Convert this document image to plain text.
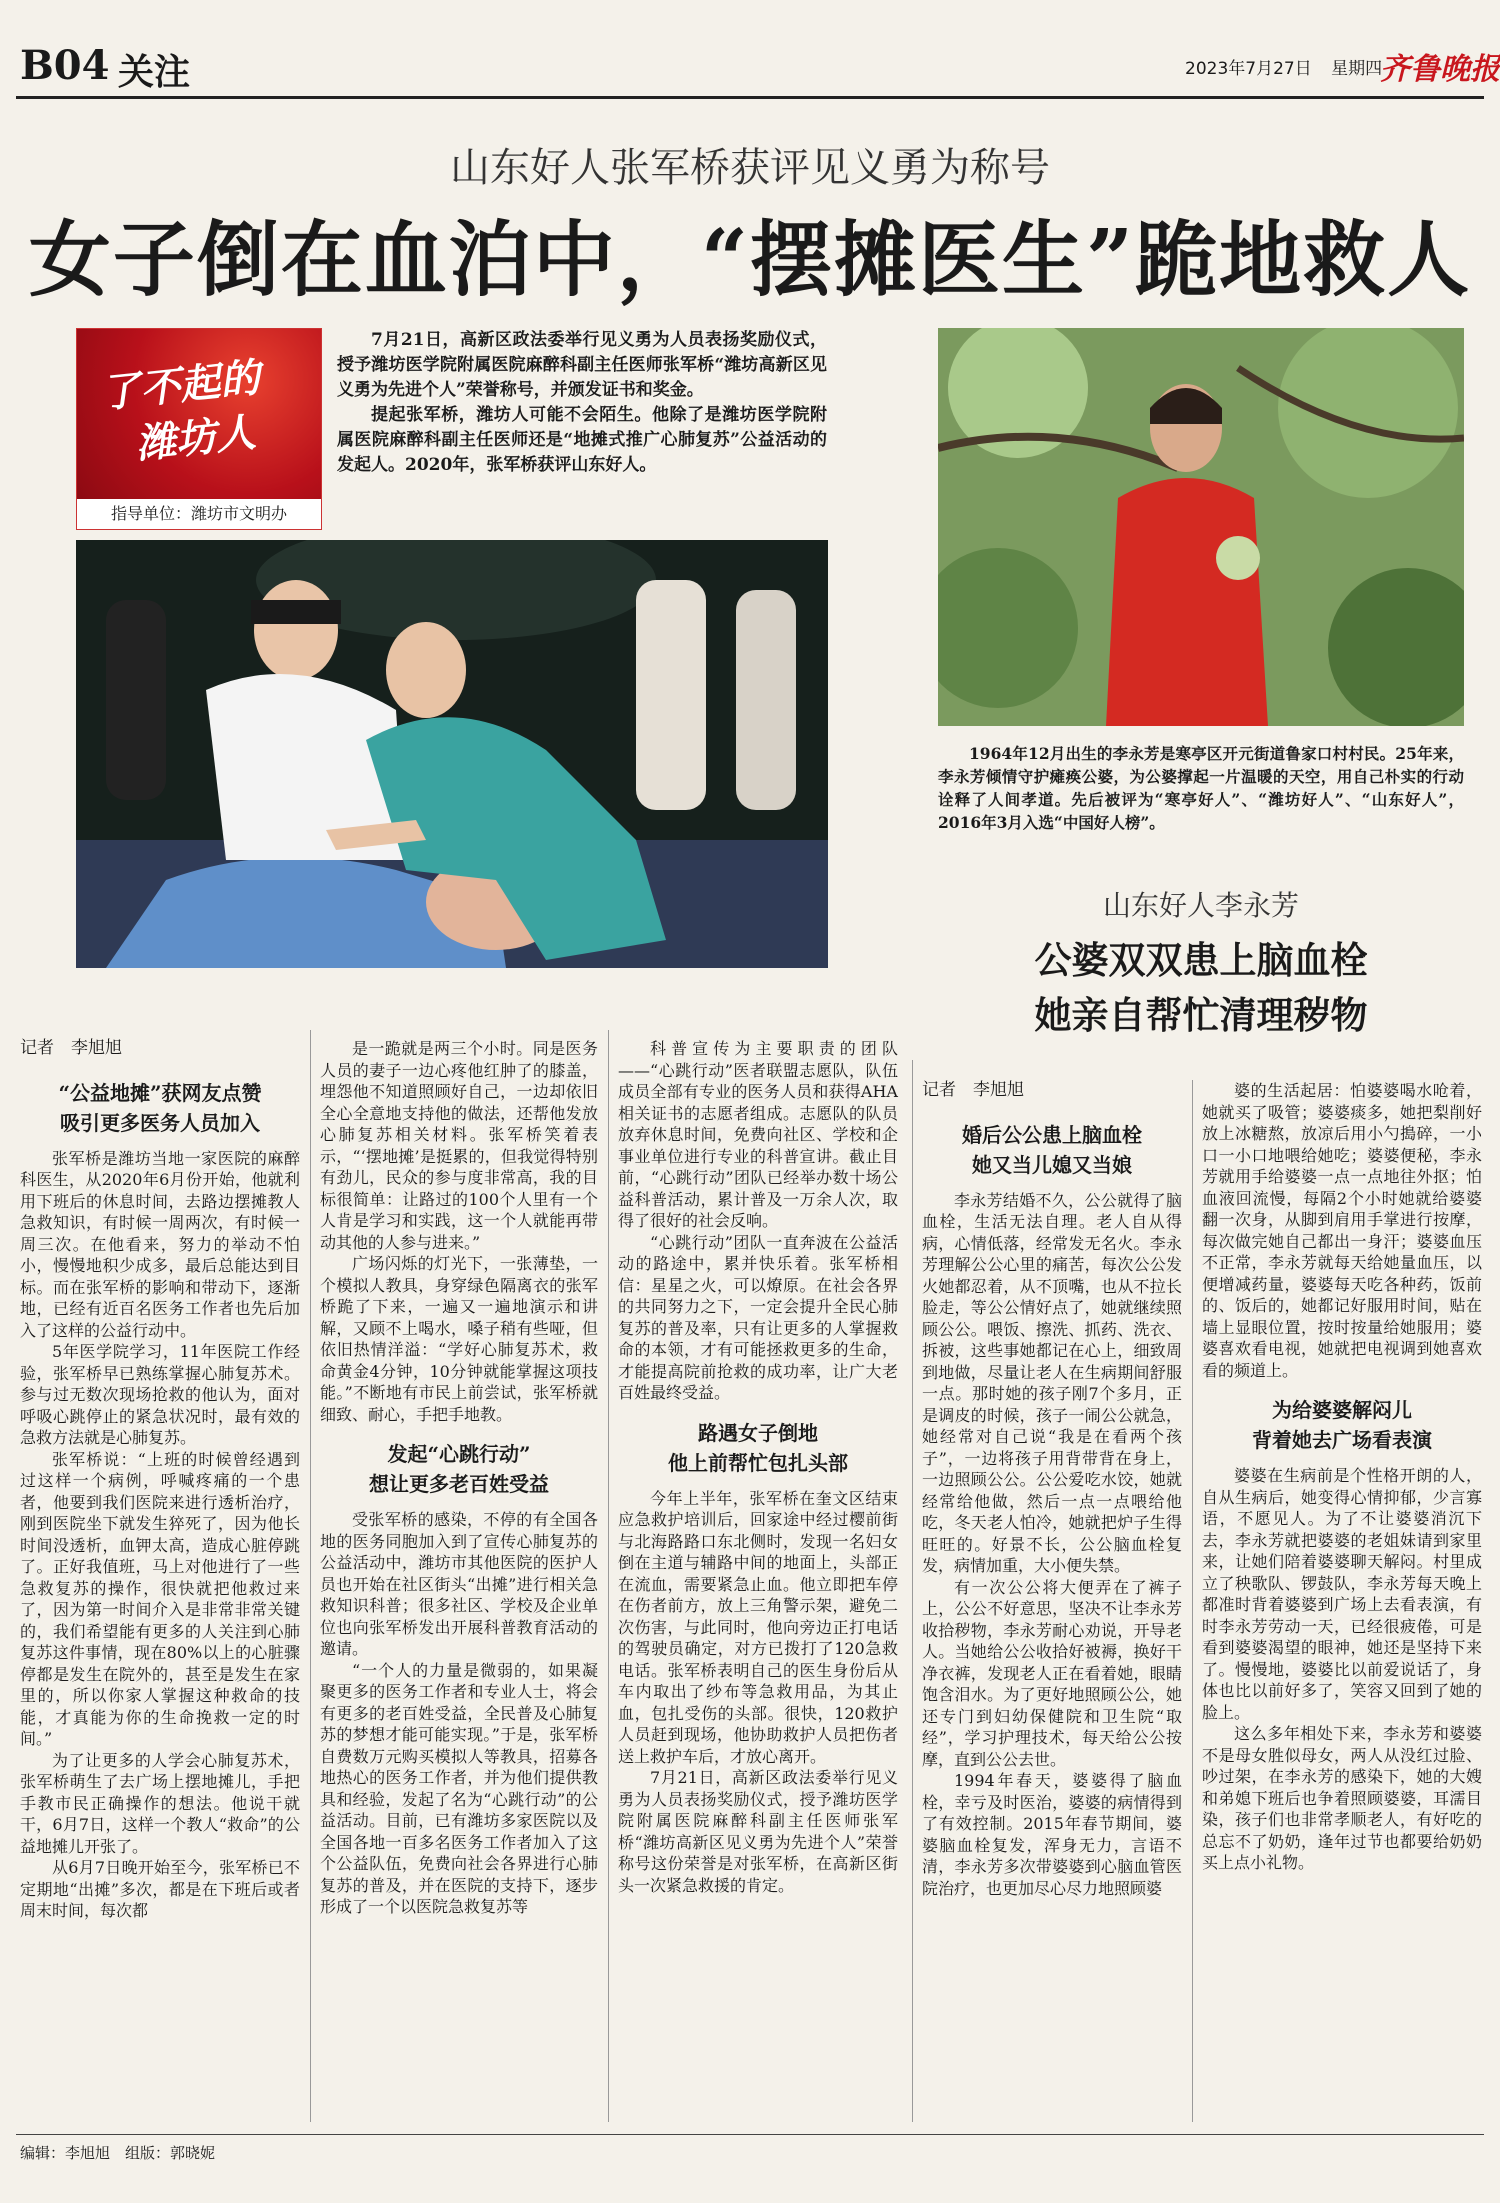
B04 关注	2023年7月27日 星期四
齐鲁晚报
山东好人张军桥获评见义勇为称号
女子倒在血泊中，“摆摊医生”跪地救人
了不起的
潍坊人
指导单位：潍坊市文明办

7月21日，高新区政法委举行见义勇为人员表扬奖励仪式，授予潍坊医学院附属医院麻醉科副主任医师张军桥“潍坊高新区见义勇为先进个人”荣誉称号，并颁发证书和奖金。

提起张军桥，潍坊人可能不会陌生。他除了是潍坊医学院附属医院麻醉科副主任医师还是“地摊式推广心肺复苏”公益活动的发起人。2020年，张军桥获评山东好人。

1964年12月出生的李永芳是寒亭区开元街道鲁家口村村民。25年来，李永芳倾情守护瘫痪公婆，为公婆撑起一片温暖的天空，用自己朴实的行动诠释了人间孝道。先后被评为“寒亭好人”、“潍坊好人”、“山东好人”，2016年3月入选“中国好人榜”。
山东好人李永芳
公婆双双患上脑血栓
她亲自帮忙清理秽物
记者　李旭旭

“公益地摊”获网友点赞
吸引更多医务人员加入

张军桥是潍坊当地一家医院的麻醉科医生，从2020年6月份开始，他就利用下班后的休息时间，去路边摆摊教人急救知识，有时候一周两次，有时候一周三次。在他看来，努力的举动不怕小，慢慢地积少成多，最后总能达到目标。而在张军桥的影响和带动下，逐渐地，已经有近百名医务工作者也先后加入了这样的公益行动中。

5年医学院学习，11年医院工作经验，张军桥早已熟练掌握心肺复苏术。参与过无数次现场抢救的他认为，面对呼吸心跳停止的紧急状况时，最有效的急救方法就是心肺复苏。

张军桥说：“上班的时候曾经遇到过这样一个病例，呼喊疼痛的一个患者，他要到我们医院来进行透析治疗，刚到医院坐下就发生猝死了，因为他长时间没透析，血钾太高，造成心脏停跳了。正好我值班，马上对他进行了一些急救复苏的操作，很快就把他救过来了，因为第一时间介入是非常非常关键的，我们希望能有更多的人关注到心肺复苏这件事情，现在80%以上的心脏骤停都是发生在院外的，甚至是发生在家里的，所以你家人掌握这种救命的技能，才真能为你的生命挽救一定的时间。”

为了让更多的人学会心肺复苏术，张军桥萌生了去广场上摆地摊儿，手把手教市民正确操作的想法。他说干就干，6月7日，这样一个教人“救命”的公益地摊儿开张了。

从6月7日晚开始至今，张军桥已不定期地“出摊”多次，都是在下班后或者周末时间，每次都

是一跪就是两三个小时。同是医务人员的妻子一边心疼他红肿了的膝盖，埋怨他不知道照顾好自己，一边却依旧全心全意地支持他的做法，还帮他发放心肺复苏相关材料。张军桥笑着表示，“‘摆地摊’是挺累的，但我觉得特别有劲儿，民众的参与度非常高，我的目标很简单：让路过的100个人里有一个人肯是学习和实践，这一个人就能再带动其他的人参与进来。”

广场闪烁的灯光下，一张薄垫，一个模拟人教具，身穿绿色隔离衣的张军桥跪了下来，一遍又一遍地演示和讲解，又顾不上喝水，嗓子稍有些哑，但依旧热情洋溢：“学好心肺复苏术，救命黄金4分钟，10分钟就能掌握这项技能。”不断地有市民上前尝试，张军桥就细致、耐心，手把手地教。

发起“心跳行动”
想让更多老百姓受益

受张军桥的感染，不停的有全国各地的医务同胞加入到了宣传心肺复苏的公益活动中，潍坊市其他医院的医护人员也开始在社区街头“出摊”进行相关急救知识科普；很多社区、学校及企业单位也向张军桥发出开展科普教育活动的邀请。

“一个人的力量是微弱的，如果凝聚更多的医务工作者和专业人士，将会有更多的老百姓受益，全民普及心肺复苏的梦想才能可能实现。”于是，张军桥自费数万元购买模拟人等教具，招募各地热心的医务工作者，并为他们提供教具和经验，发起了名为“心跳行动”的公益活动。目前，已有潍坊多家医院以及全国各地一百多名医务工作者加入了这个公益队伍，免费向社会各界进行心肺复苏的普及，并在医院的支持下，逐步形成了一个以医院急救复苏等

科普宣传为主要职责的团队——“心跳行动”医者联盟志愿队，队伍成员全部有专业的医务人员和获得AHA相关证书的志愿者组成。志愿队的队员放弃休息时间，免费向社区、学校和企事业单位进行专业的科普宣讲。截止目前，“心跳行动”团队已经举办数十场公益科普活动，累计普及一万余人次，取得了很好的社会反响。

“心跳行动”团队一直奔波在公益活动的路途中，累并快乐着。张军桥相信：星星之火，可以燎原。在社会各界的共同努力之下，一定会提升全民心肺复苏的普及率，只有让更多的人掌握救命的本领，才有可能拯救更多的生命，才能提高院前抢救的成功率，让广大老百姓最终受益。

路遇女子倒地
他上前帮忙包扎头部

今年上半年，张军桥在奎文区结束应急救护培训后，回家途中经过樱前街与北海路路口东北侧时，发现一名妇女倒在主道与辅路中间的地面上，头部正在流血，需要紧急止血。他立即把车停在伤者前方，放上三角警示架，避免二次伤害，与此同时，他向旁边正打电话的驾驶员确定，对方已拨打了120急救电话。张军桥表明自己的医生身份后从车内取出了纱布等急救用品，为其止血，包扎受伤的头部。很快，120救护人员赶到现场，他协助救护人员把伤者送上救护车后，才放心离开。

7月21日，高新区政法委举行见义勇为人员表扬奖励仪式，授予潍坊医学院附属医院麻醉科副主任医师张军桥“潍坊高新区见义勇为先进个人”荣誉称号这份荣誉是对张军桥，在高新区街头一次紧急救援的肯定。

记者　李旭旭

婚后公公患上脑血栓
她又当儿媳又当娘

李永芳结婚不久，公公就得了脑血栓，生活无法自理。老人自从得病，心情低落，经常发无名火。李永芳理解公公心里的痛苦，每次公公发火她都忍着，从不顶嘴，也从不拉长脸走，等公公情好点了，她就继续照顾公公。喂饭、擦洗、抓药、洗衣、拆被，这些事她都记在心上，细致周到地做，尽量让老人在生病期间舒服一点。那时她的孩子刚7个多月，正是调皮的时候，孩子一闹公公就急，她经常对自己说“我是在看两个孩子”，一边将孩子用背带背在身上，一边照顾公公。公公爱吃水饺，她就经常给他做，然后一点一点喂给他吃，冬天老人怕冷，她就把炉子生得旺旺的。好景不长，公公脑血栓复发，病情加重，大小便失禁。

有一次公公将大便弄在了裤子上，公公不好意思，坚决不让李永芳收拾秽物，李永芳耐心劝说，开导老人。当她给公公收拾好被褥，换好干净衣裤，发现老人正在看着她，眼睛饱含泪水。为了更好地照顾公公，她还专门到妇幼保健院和卫生院“取经”，学习护理技术，每天给公公按摩，直到公公去世。

1994年春天，婆婆得了脑血栓，幸亏及时医治，婆婆的病情得到了有效控制。2015年春节期间，婆婆脑血栓复发，浑身无力，言语不清，李永芳多次带婆婆到心脑血管医院治疗，也更加尽心尽力地照顾婆

婆的生活起居：怕婆婆喝水呛着，她就买了吸管；婆婆痰多，她把梨削好放上冰糖熬，放凉后用小勺搗碎，一小口一小口地喂给她吃；婆婆便秘，李永芳就用手给婆婆一点一点地往外抠；怕血液回流慢，每隔2个小时她就给婆婆翻一次身，从脚到肩用手掌进行按摩，每次做完她自己都出一身汗；婆婆血压不正常，李永芳就每天给她量血压，以便增减药量，婆婆每天吃各种药，饭前的、饭后的，她都记好服用时间，贴在墙上显眼位置，按时按量给她服用；婆婆喜欢看电视，她就把电视调到她喜欢看的频道上。

为给婆婆解闷儿
背着她去广场看表演

婆婆在生病前是个性格开朗的人，自从生病后，她变得心情抑郁，少言寡语，不愿见人。为了不让婆婆消沉下去，李永芳就把婆婆的老姐妹请到家里来，让她们陪着婆婆聊天解闷。村里成立了秧歌队、锣鼓队，李永芳每天晚上都准时背着婆婆到广场上去看表演，有时李永芳劳动一天，已经很疲倦，可是看到婆婆渴望的眼神，她还是坚持下来了。慢慢地，婆婆比以前爱说话了，身体也比以前好多了，笑容又回到了她的脸上。

这么多年相处下来，李永芳和婆婆不是母女胜似母女，两人从没红过脸、吵过架，在李永芳的感染下，她的大嫂和弟媳下班后也争着照顾婆婆，耳濡目染，孩子们也非常孝顺老人，有好吃的总忘不了奶奶，逢年过节也都要给奶奶买上点小礼物。

编辑：李旭旭　组版：郭晓妮
